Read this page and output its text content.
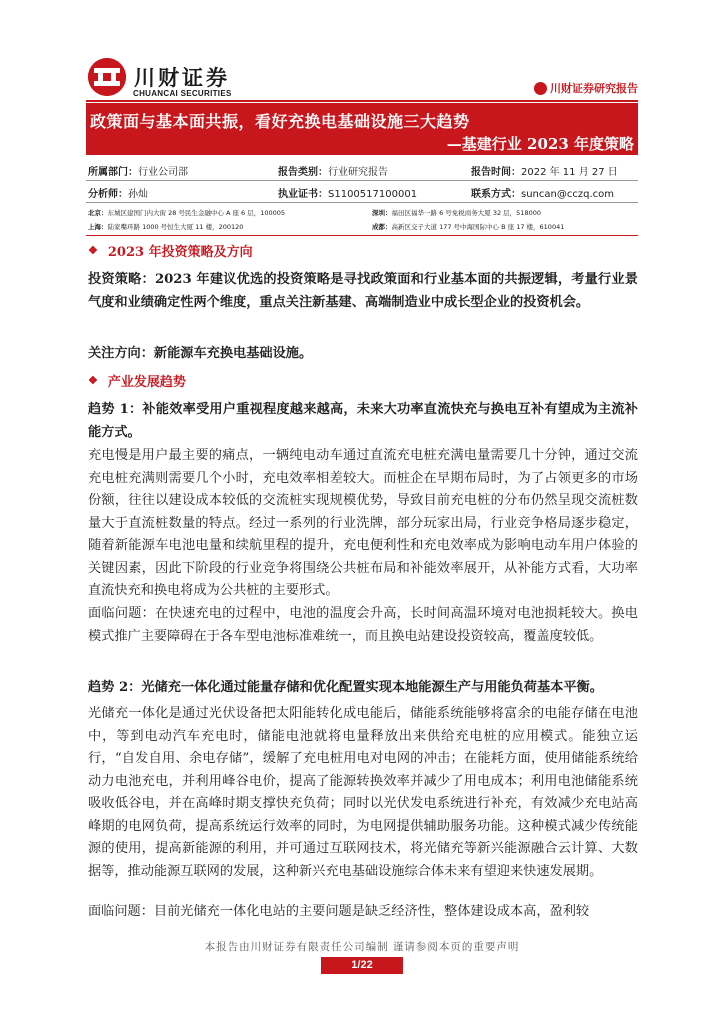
川财证券
CHUANCAI SECURITIES	川财证券研究报告
政策面与基本面共振，看好充换电基础设施三大趋势
—基建行业 2023 年度策略
所属部门：行业公司部	报告类别：行业研究报告	报告时间：2022 年 11 月 27 日
分析师：孙灿	执业证书：S1100517100001	联系方式：suncan@cczq.com
北京：东城区建国门内大街 28 号民生金融中心 A 座 6 层，100005	深圳：福田区福华一路 6 号免税商务大厦 32 层，518000
上海：陆家嘴环路 1000 号恒生大厦 11 楼，200120	成都：高新区交子大道 177 号中海国际中心 B 座 17 楼，610041
❖ 2023 年投资策略及方向
投资策略：2023 年建议优选的投资策略是寻找政策面和行业基本面的共振逻辑，考量行业景气度和业绩确定性两个维度，重点关注新基建、高端制造业中成长型企业的投资机会。
关注方向：新能源车充换电基础设施。
❖ 产业发展趋势
趋势 1：补能效率受用户重视程度越来越高，未来大功率直流快充与换电互补有望成为主流补能方式。
充电慢是用户最主要的痛点，一辆纯电动车通过直流充电桩充满电量需要几十分钟，通过交流充电桩充满则需要几个小时，充电效率相差较大。而桩企在早期布局时，为了占领更多的市场份额，往往以建设成本较低的交流桩实现规模优势，导致目前充电桩的分布仍然呈现交流桩数量大于直流桩数量的特点。经过一系列的行业洗牌，部分玩家出局，行业竞争格局逐步稳定，随着新能源车电池电量和续航里程的提升，充电便利性和充电效率成为影响电动车用户体验的关键因素，因此下阶段的行业竞争将围绕公共桩布局和补能效率展开，从补能方式看，大功率直流快充和换电将成为公共桩的主要形式。
面临问题：在快速充电的过程中，电池的温度会升高，长时间高温环境对电池损耗较大。换电模式推广主要障碍在于各车型电池标准难统一，而且换电站建设投资较高，覆盖度较低。
趋势 2：光储充一体化通过能量存储和优化配置实现本地能源生产与用能负荷基本平衡。
光储充一体化是通过光伏设备把太阳能转化成电能后，储能系统能够将富余的电能存储在电池中，等到电动汽车充电时，储能电池就将电量释放出来供给充电桩的应用模式。能独立运行，“自发自用、余电存储”，缓解了充电桩用电对电网的冲击；在能耗方面，使用储能系统给动力电池充电，并利用峰谷电价，提高了能源转换效率并减少了用电成本；利用电池储能系统吸收低谷电，并在高峰时期支撑快充负荷；同时以光伏发电系统进行补充，有效减少充电站高峰期的电网负荷，提高系统运行效率的同时，为电网提供辅助服务功能。这种模式减少传统能源的使用，提高新能源的利用，并可通过互联网技术，将光储充等新兴能源融合云计算、大数据等，推动能源互联网的发展，这种新兴充电基础设施综合体未来有望迎来快速发展期。
面临问题：目前光储充一体化电站的主要问题是缺乏经济性，整体建设成本高，盈利较
本报告由川财证券有限责任公司编制 谨请参阅本页的重要声明
1/22
